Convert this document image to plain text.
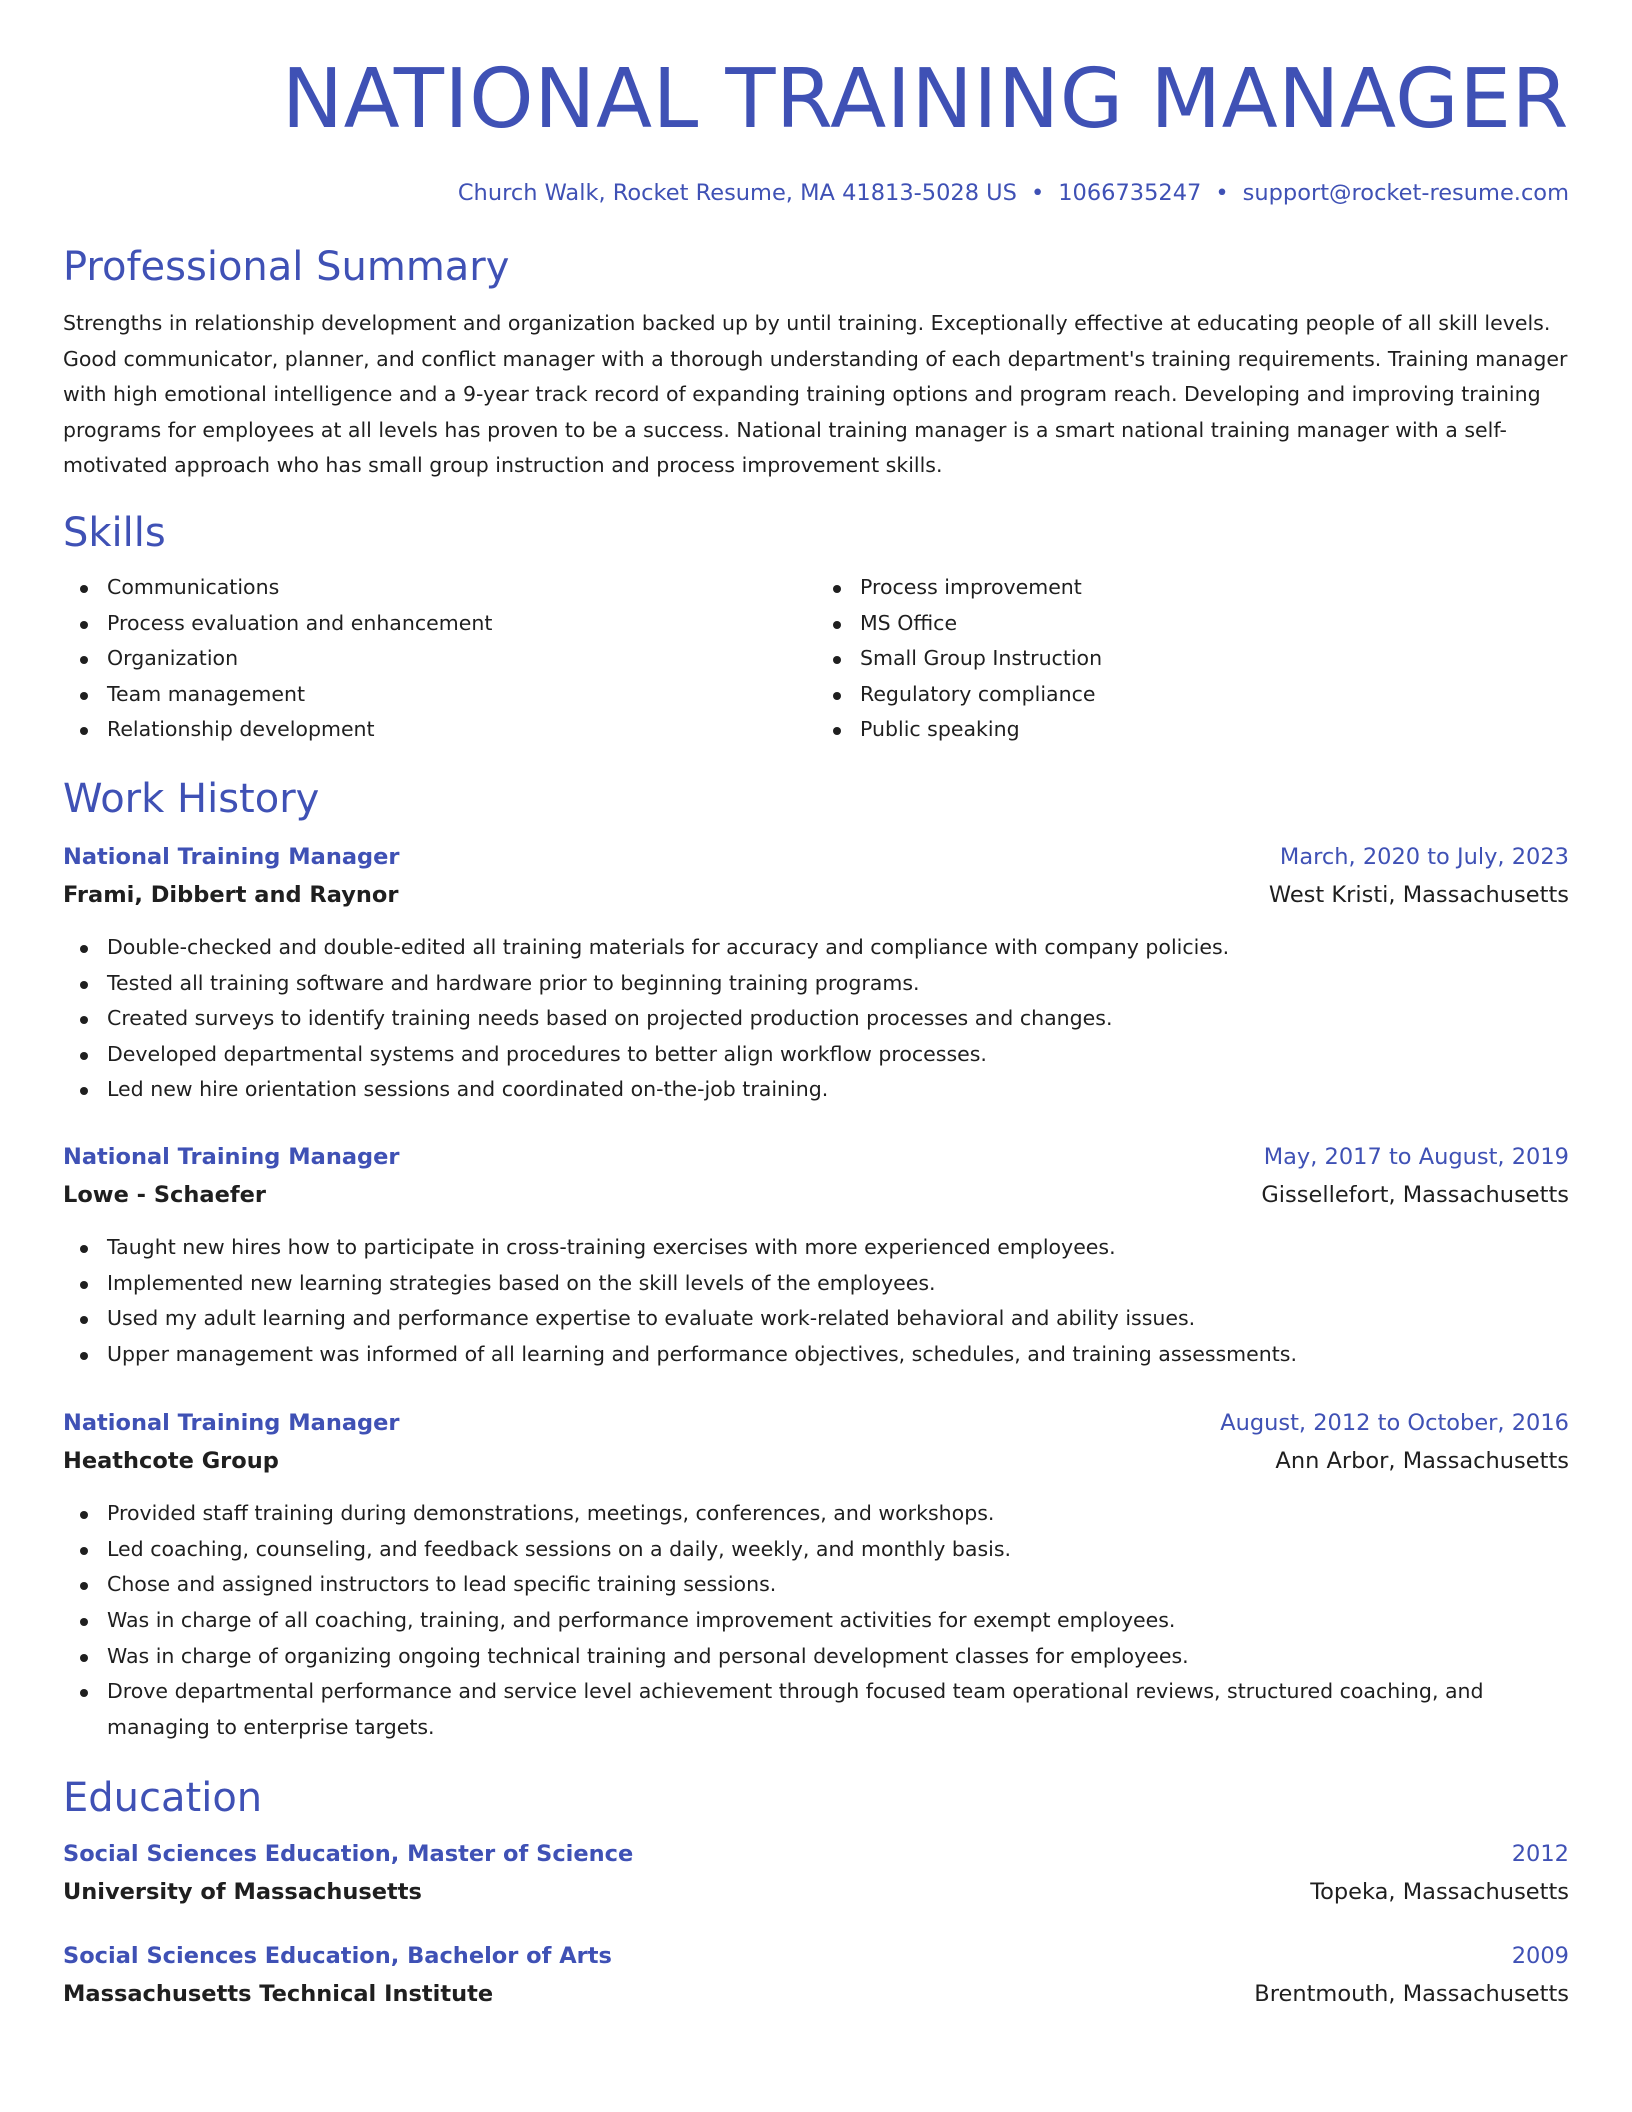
NATIONAL TRAINING MANAGER
Church Walk, Rocket Resume, MA 41813-5028 US • 1066735247 • support@rocket-resume.com
Professional Summary
Strengths in relationship development and organization backed up by until training. Exceptionally effective at educating people of all skill levels. Good communicator, planner, and conflict manager with a thorough understanding of each department's training requirements. Training manager with high emotional intelligence and a 9-year track record of expanding training options and program reach. Developing and improving training programs for employees at all levels has proven to be a success. National training manager is a smart national training manager with a self-motivated approach who has small group instruction and process improvement skills.
Skills
Communications
Process evaluation and enhancement
Organization
Team management
Relationship development
Process improvement
MS Office
Small Group Instruction
Regulatory compliance
Public speaking
Work History
National Training Manager	March, 2020 to July, 2023
Frami, Dibbert and Raynor	West Kristi, Massachusetts
Double-checked and double-edited all training materials for accuracy and compliance with company policies.
Tested all training software and hardware prior to beginning training programs.
Created surveys to identify training needs based on projected production processes and changes.
Developed departmental systems and procedures to better align workflow processes.
Led new hire orientation sessions and coordinated on-the-job training.
National Training Manager	May, 2017 to August, 2019
Lowe - Schaefer	Gissellefort, Massachusetts
Taught new hires how to participate in cross-training exercises with more experienced employees.
Implemented new learning strategies based on the skill levels of the employees.
Used my adult learning and performance expertise to evaluate work-related behavioral and ability issues.
Upper management was informed of all learning and performance objectives, schedules, and training assessments.
National Training Manager	August, 2012 to October, 2016
Heathcote Group	Ann Arbor, Massachusetts
Provided staff training during demonstrations, meetings, conferences, and workshops.
Led coaching, counseling, and feedback sessions on a daily, weekly, and monthly basis.
Chose and assigned instructors to lead specific training sessions.
Was in charge of all coaching, training, and performance improvement activities for exempt employees.
Was in charge of organizing ongoing technical training and personal development classes for employees.
Drove departmental performance and service level achievement through focused team operational reviews, structured coaching, and managing to enterprise targets.
Education
Social Sciences Education, Master of Science	2012
University of Massachusetts	Topeka, Massachusetts
Social Sciences Education, Bachelor of Arts	2009
Massachusetts Technical Institute	Brentmouth, Massachusetts
